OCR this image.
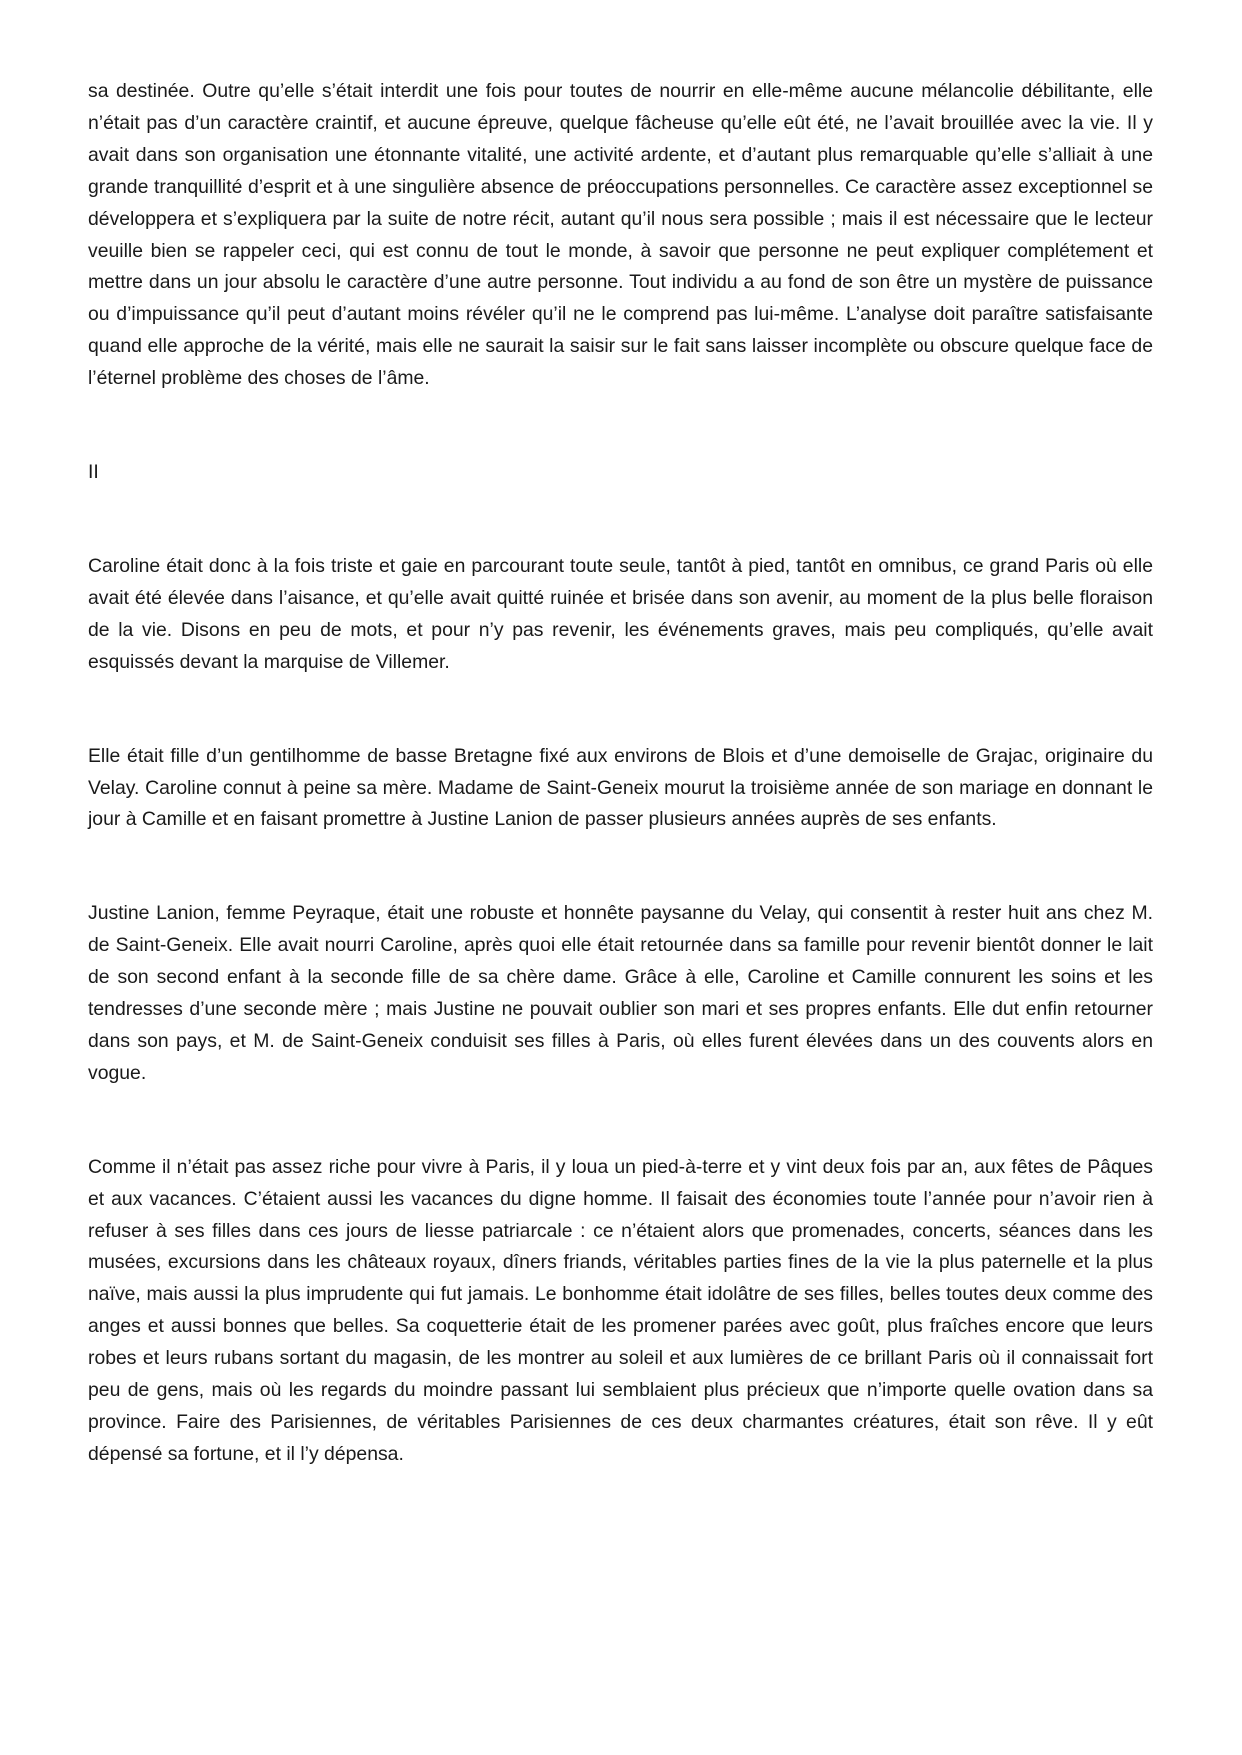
sa destinée. Outre qu’elle s’était interdit une fois pour toutes de nourrir en elle-même aucune mélancolie débilitante, elle n’était pas d’un caractère craintif, et aucune épreuve, quelque fâcheuse qu’elle eût été, ne l’avait brouillée avec la vie. Il y avait dans son organisation une étonnante vitalité, une activité ardente, et d’autant plus remarquable qu’elle s’alliait à une grande tranquillité d’esprit et à une singulière absence de préoccupations personnelles. Ce caractère assez exceptionnel se développera et s’expliquera par la suite de notre récit, autant qu’il nous sera possible ; mais il est nécessaire que le lecteur veuille bien se rappeler ceci, qui est connu de tout le monde, à savoir que personne ne peut expliquer complétement et mettre dans un jour absolu le caractère d’une autre personne. Tout individu a au fond de son être un mystère de puissance ou d’impuissance qu’il peut d’autant moins révéler qu’il ne le comprend pas lui-même. L’analyse doit paraître satisfaisante quand elle approche de la vérité, mais elle ne saurait la saisir sur le fait sans laisser incomplète ou obscure quelque face de l’éternel problème des choses de l’âme.

II

Caroline était donc à la fois triste et gaie en parcourant toute seule, tantôt à pied, tantôt en omnibus, ce grand Paris où elle avait été élevée dans l’aisance, et qu’elle avait quitté ruinée et brisée dans son avenir, au moment de la plus belle floraison de la vie. Disons en peu de mots, et pour n’y pas revenir, les événements graves, mais peu compliqués, qu’elle avait esquissés devant la marquise de Villemer.

Elle était fille d’un gentilhomme de basse Bretagne fixé aux environs de Blois et d’une demoiselle de Grajac, originaire du Velay. Caroline connut à peine sa mère. Madame de Saint-Geneix mourut la troisième année de son mariage en donnant le jour à Camille et en faisant promettre à Justine Lanion de passer plusieurs années auprès de ses enfants.

Justine Lanion, femme Peyraque, était une robuste et honnête paysanne du Velay, qui consentit à rester huit ans chez M. de Saint-Geneix. Elle avait nourri Caroline, après quoi elle était retournée dans sa famille pour revenir bientôt donner le lait de son second enfant à la seconde fille de sa chère dame. Grâce à elle, Caroline et Camille connurent les soins et les tendresses d’une seconde mère ; mais Justine ne pouvait oublier son mari et ses propres enfants. Elle dut enfin retourner dans son pays, et M. de Saint-Geneix conduisit ses filles à Paris, où elles furent élevées dans un des couvents alors en vogue.

Comme il n’était pas assez riche pour vivre à Paris, il y loua un pied-à-terre et y vint deux fois par an, aux fêtes de Pâques et aux vacances. C’étaient aussi les vacances du digne homme. Il faisait des économies toute l’année pour n’avoir rien à refuser à ses filles dans ces jours de liesse patriarcale : ce n’étaient alors que promenades, concerts, séances dans les musées, excursions dans les châteaux royaux, dîners friands, véritables parties fines de la vie la plus paternelle et la plus naïve, mais aussi la plus imprudente qui fut jamais. Le bonhomme était idolâtre de ses filles, belles toutes deux comme des anges et aussi bonnes que belles. Sa coquetterie était de les promener parées avec goût, plus fraîches encore que leurs robes et leurs rubans sortant du magasin, de les montrer au soleil et aux lumières de ce brillant Paris où il connaissait fort peu de gens, mais où les regards du moindre passant lui semblaient plus précieux que n’importe quelle ovation dans sa province. Faire des Parisiennes, de véritables Parisiennes de ces deux charmantes créatures, était son rêve. Il y eût dépensé sa fortune, et il l’y dépensa.
